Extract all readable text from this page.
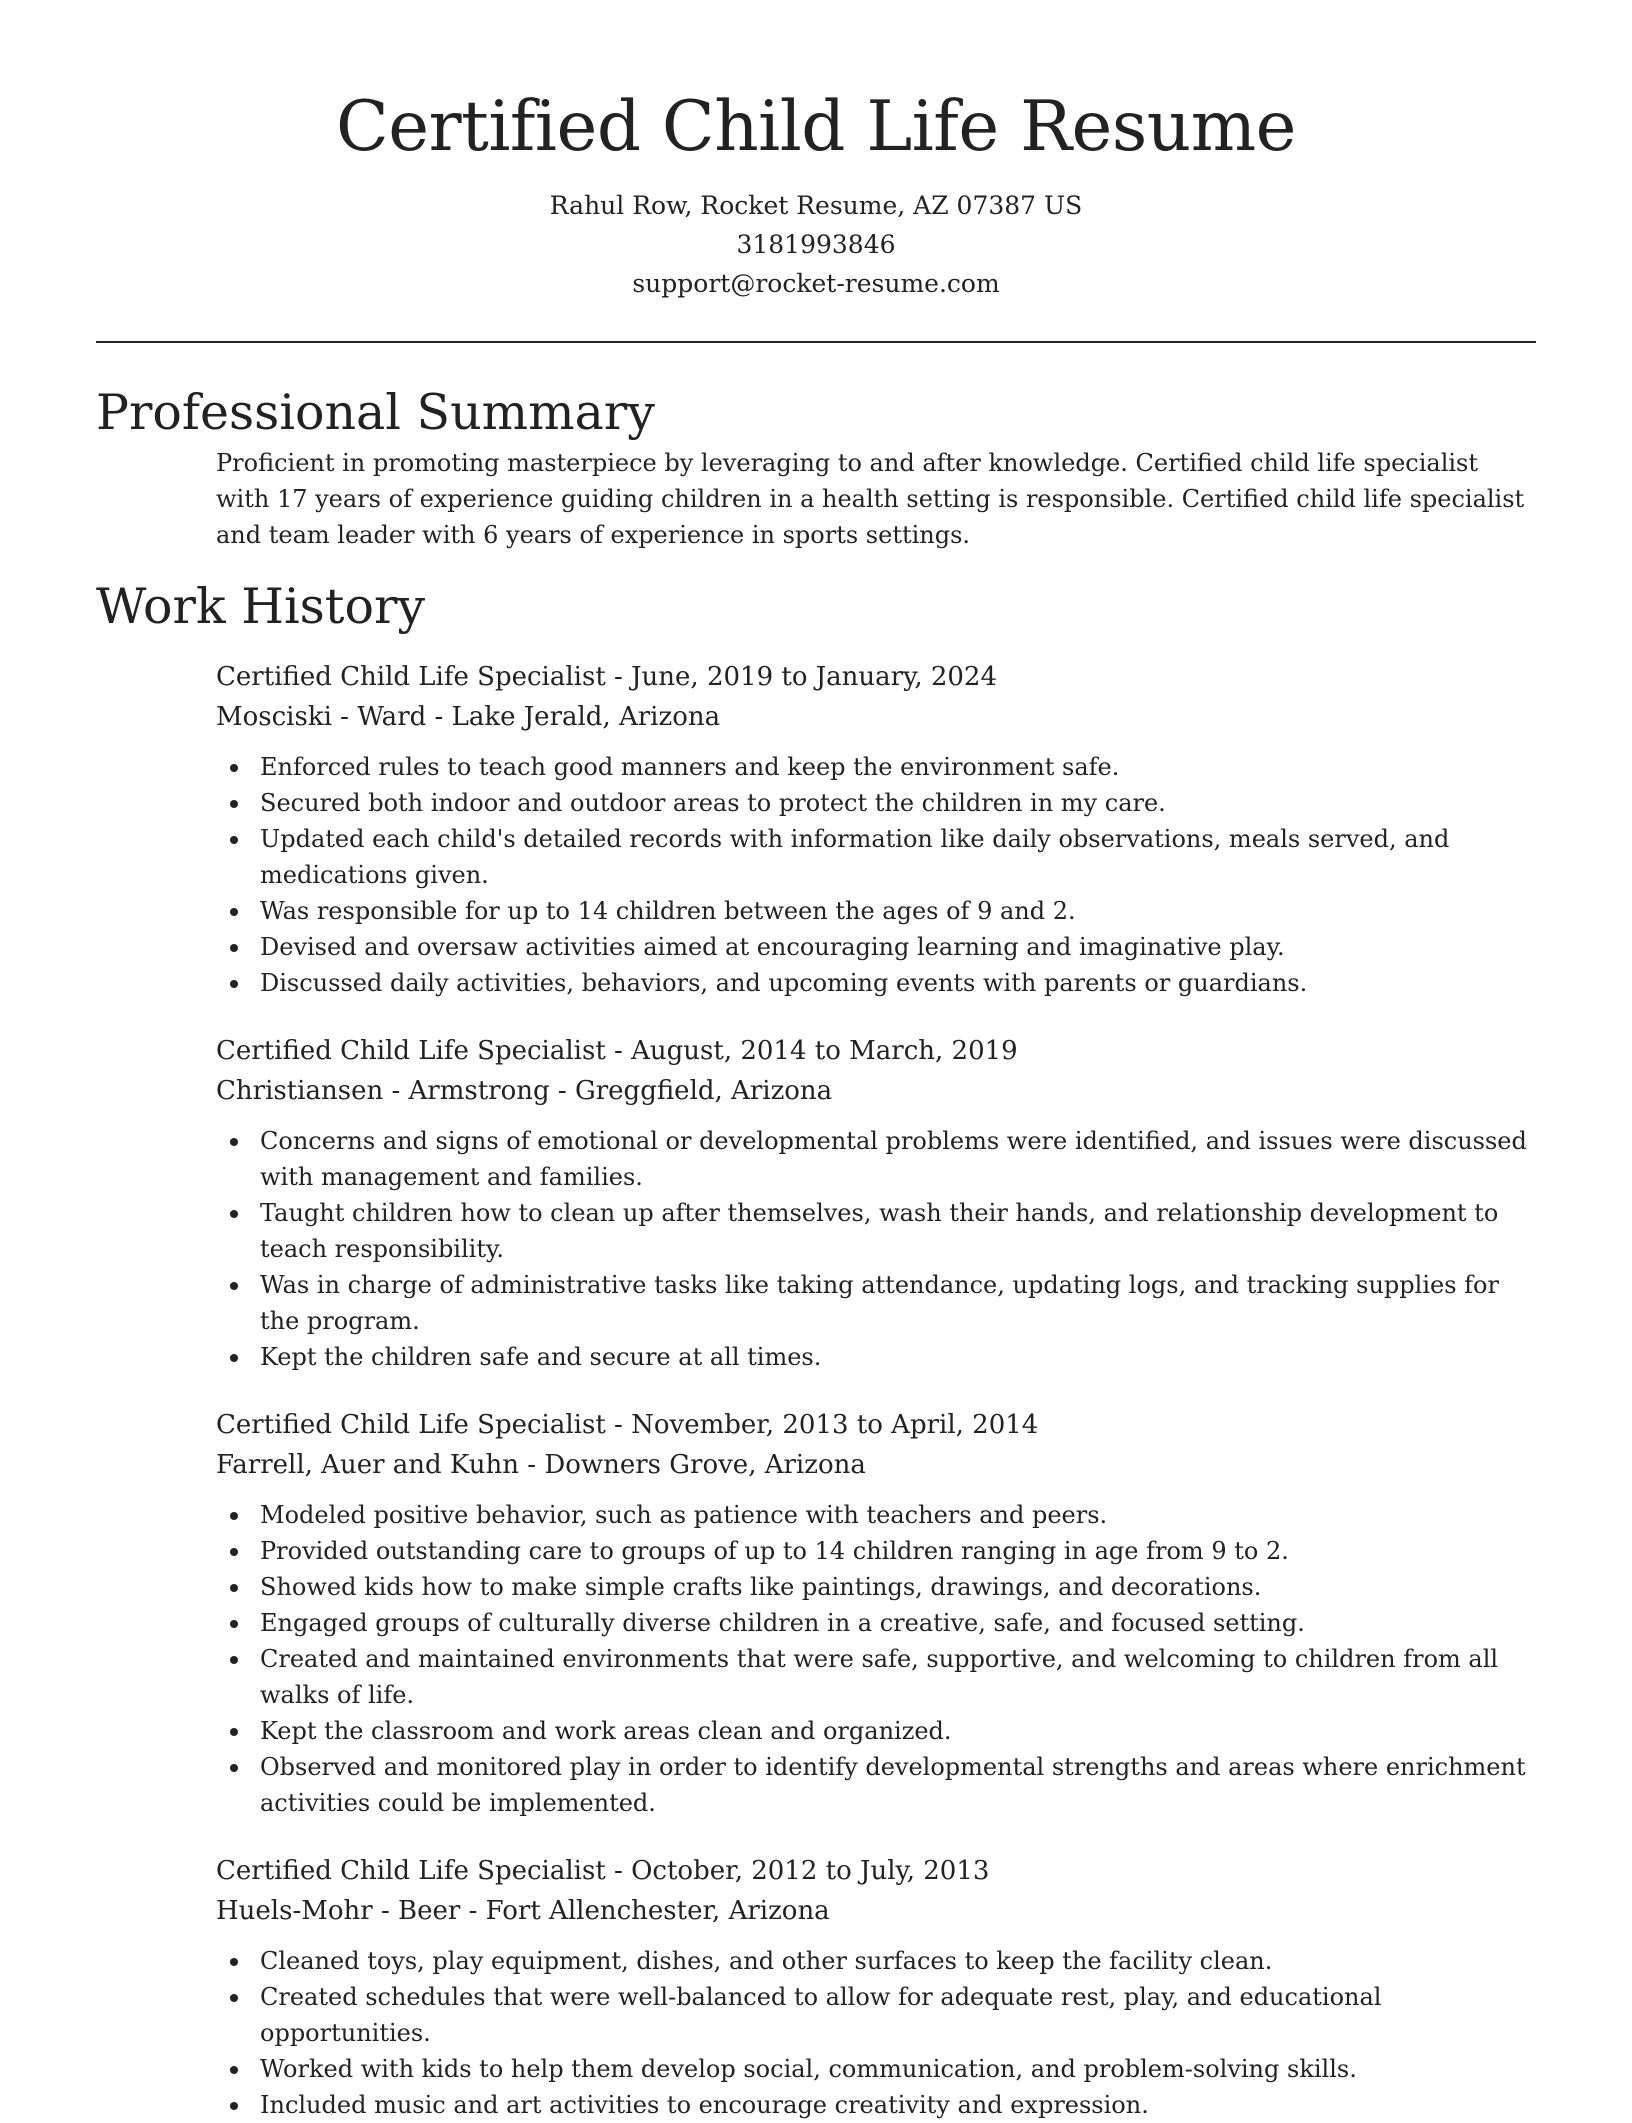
Certified Child Life Resume
Rahul Row, Rocket Resume, AZ 07387 US
3181993846
support@rocket-resume.com
Professional Summary

Proficient in promoting masterpiece by leveraging to and after knowledge. Certified child life specialist with 17 years of experience guiding children in a health setting is responsible. Certified child life specialist and team leader with 6 years of experience in sports settings.

Work History
Certified Child Life Specialist - June, 2019 to January, 2024
Mosciski - Ward - Lake Jerald, Arizona
Enforced rules to teach good manners and keep the environment safe.
Secured both indoor and outdoor areas to protect the children in my care.
Updated each child's detailed records with information like daily observations, meals served, and medications given.
Was responsible for up to 14 children between the ages of 9 and 2.
Devised and oversaw activities aimed at encouraging learning and imaginative play.
Discussed daily activities, behaviors, and upcoming events with parents or guardians.
Certified Child Life Specialist - August, 2014 to March, 2019
Christiansen - Armstrong - Greggfield, Arizona
Concerns and signs of emotional or developmental problems were identified, and issues were discussed with management and families.
Taught children how to clean up after themselves, wash their hands, and relationship development to teach responsibility.
Was in charge of administrative tasks like taking attendance, updating logs, and tracking supplies for the program.
Kept the children safe and secure at all times.
Certified Child Life Specialist - November, 2013 to April, 2014
Farrell, Auer and Kuhn - Downers Grove, Arizona
Modeled positive behavior, such as patience with teachers and peers.
Provided outstanding care to groups of up to 14 children ranging in age from 9 to 2.
Showed kids how to make simple crafts like paintings, drawings, and decorations.
Engaged groups of culturally diverse children in a creative, safe, and focused setting.
Created and maintained environments that were safe, supportive, and welcoming to children from all walks of life.
Kept the classroom and work areas clean and organized.
Observed and monitored play in order to identify developmental strengths and areas where enrichment activities could be implemented.
Certified Child Life Specialist - October, 2012 to July, 2013
Huels-Mohr - Beer - Fort Allenchester, Arizona
Cleaned toys, play equipment, dishes, and other surfaces to keep the facility clean.
Created schedules that were well-balanced to allow for adequate rest, play, and educational opportunities.
Worked with kids to help them develop social, communication, and problem-solving skills.
Included music and art activities to encourage creativity and expression.
